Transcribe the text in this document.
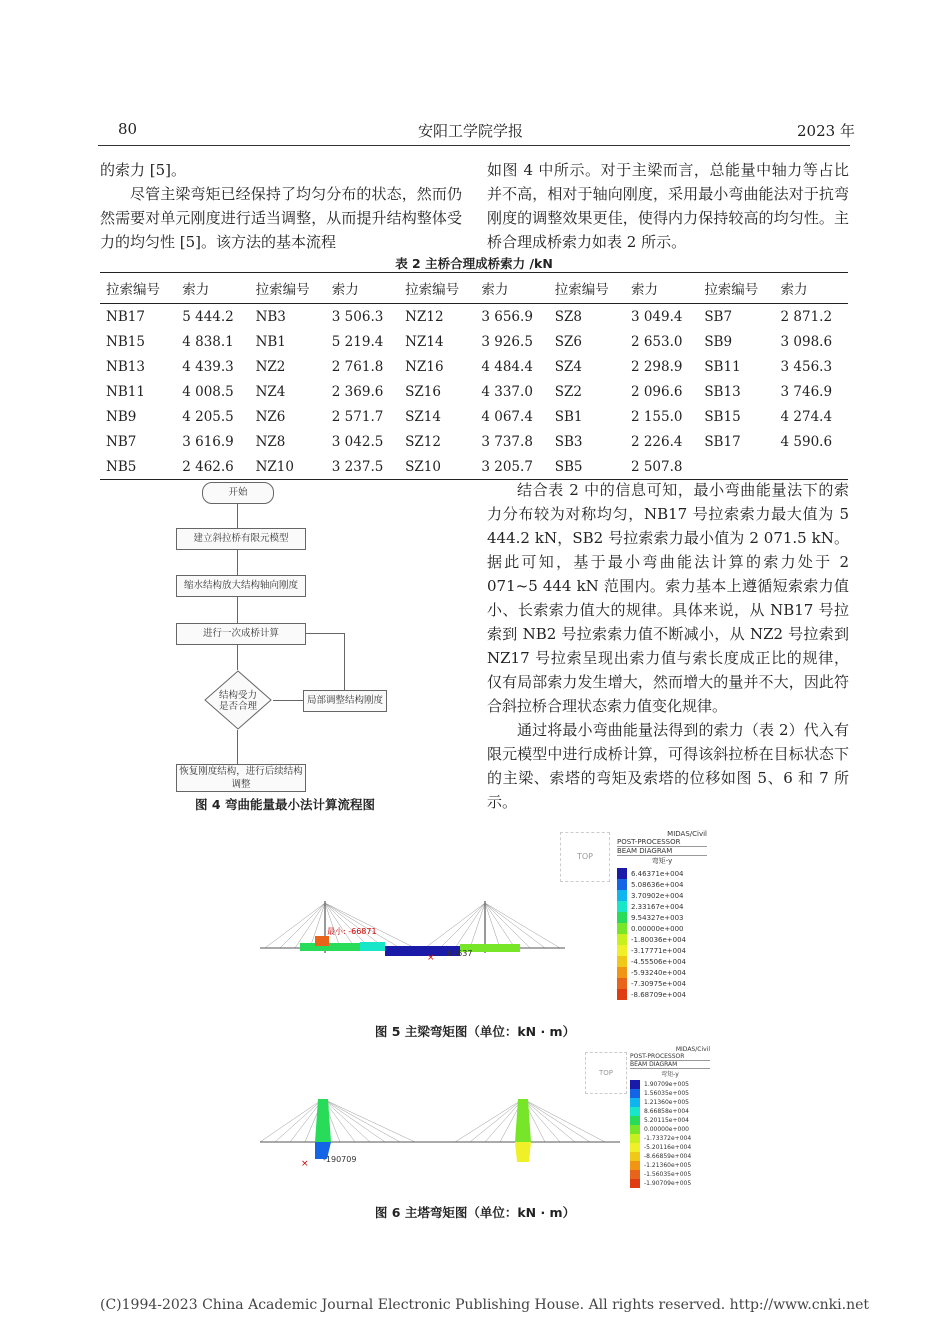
80	安阳工学院学报	2023 年

的索力 [5]。

尽管主梁弯矩已经保持了均匀分布的状态，然而仍然需要对单元刚度进行适当调整，从而提升结构整体受力的均匀性 [5]。该方法的基本流程

如图 4 中所示。对于主梁而言，总能量中轴力等占比并不高，相对于轴向刚度，采用最小弯曲能法对于抗弯刚度的调整效果更佳，使得内力保持较高的均匀性。主桥合理成桥索力如表 2 所示。

表 2 主桥合理成桥索力 /kN
拉索编号	索力	拉索编号	索力	拉索编号	索力	拉索编号	索力	拉索编号	索力
NB17	5 444.2	NB3	3 506.3	NZ12	3 656.9	SZ8	3 049.4	SB7	2 871.2
NB15	4 838.1	NB1	5 219.4	NZ14	3 926.5	SZ6	2 653.0	SB9	3 098.6
NB13	4 439.3	NZ2	2 761.8	NZ16	4 484.4	SZ4	2 298.9	SB11	3 456.3
NB11	4 008.5	NZ4	2 369.6	SZ16	4 337.0	SZ2	2 096.6	SB13	3 746.9
NB9	4 205.5	NZ6	2 571.7	SZ14	4 067.4	SB1	2 155.0	SB15	4 274.4
NB7	3 616.9	NZ8	3 042.5	SZ12	3 737.8	SB3	2 226.4	SB17	4 590.6
NB5	2 462.6	NZ10	3 237.5	SZ10	3 205.7	SB5	2 507.8		
开始
建立斜拉桥有限元模型
缩水结构放大结构轴向刚度
进行一次成桥计算
结构受力是否合理
局部调整结构刚度
恢复刚度结构，进行后续结构调整
图 4 弯曲能量最小法计算流程图

结合表 2 中的信息可知，最小弯曲能量法下的索力分布较为对称均匀，NB17 号拉索索力最大值为 5 444.2 kN，SB2 号拉索索力最小值为 2 071.5 kN。据此可知，基于最小弯曲能法计算的索力处于 2 071~5 444 kN 范围内。索力基本上遵循短索索力值小、长索索力值大的规律。具体来说，从 NB17 号拉索到 NB2 号拉索索力值不断减小，从 NZ2 号拉索到 NZ17 号拉索呈现出索力值与索长度成正比的规律，仅有局部索力发生增大，然而增大的量并不大，因此符合斜拉桥合理状态索力值变化规律。

通过将最小弯曲能量法得到的索力（表 2）代入有限元模型中进行成桥计算，可得该斜拉桥在目标状态下的主梁、索塔的弯矩及索塔的位移如图 5、6 和 7 所示。

最小: -66871
64637
×
TOP
MIDAS/Civil
POST-PROCESSOR
BEAM DIAGRAM
弯矩-y
6.46371e+004
5.08636e+004
3.70902e+004
2.33167e+004
9.54327e+003
0.00000e+000
-1.80036e+004
-3.17771e+004
-4.55506e+004
-5.93240e+004
-7.30975e+004
-8.68709e+004
图 5 主梁弯矩图（单位：kN · m）
-190709
×
TOP
MIDAS/Civil
POST-PROCESSOR
BEAM DIAGRAM
弯矩-y
1.90709e+005
1.56035e+005
1.21360e+005
8.66858e+004
5.20115e+004
0.00000e+000
-1.73372e+004
-5.20116e+004
-8.66859e+004
-1.21360e+005
-1.56035e+005
-1.90709e+005
图 6 主塔弯矩图（单位：kN · m）
(C)1994-2023 China Academic Journal Electronic Publishing House. All rights reserved. http://www.cnki.net
